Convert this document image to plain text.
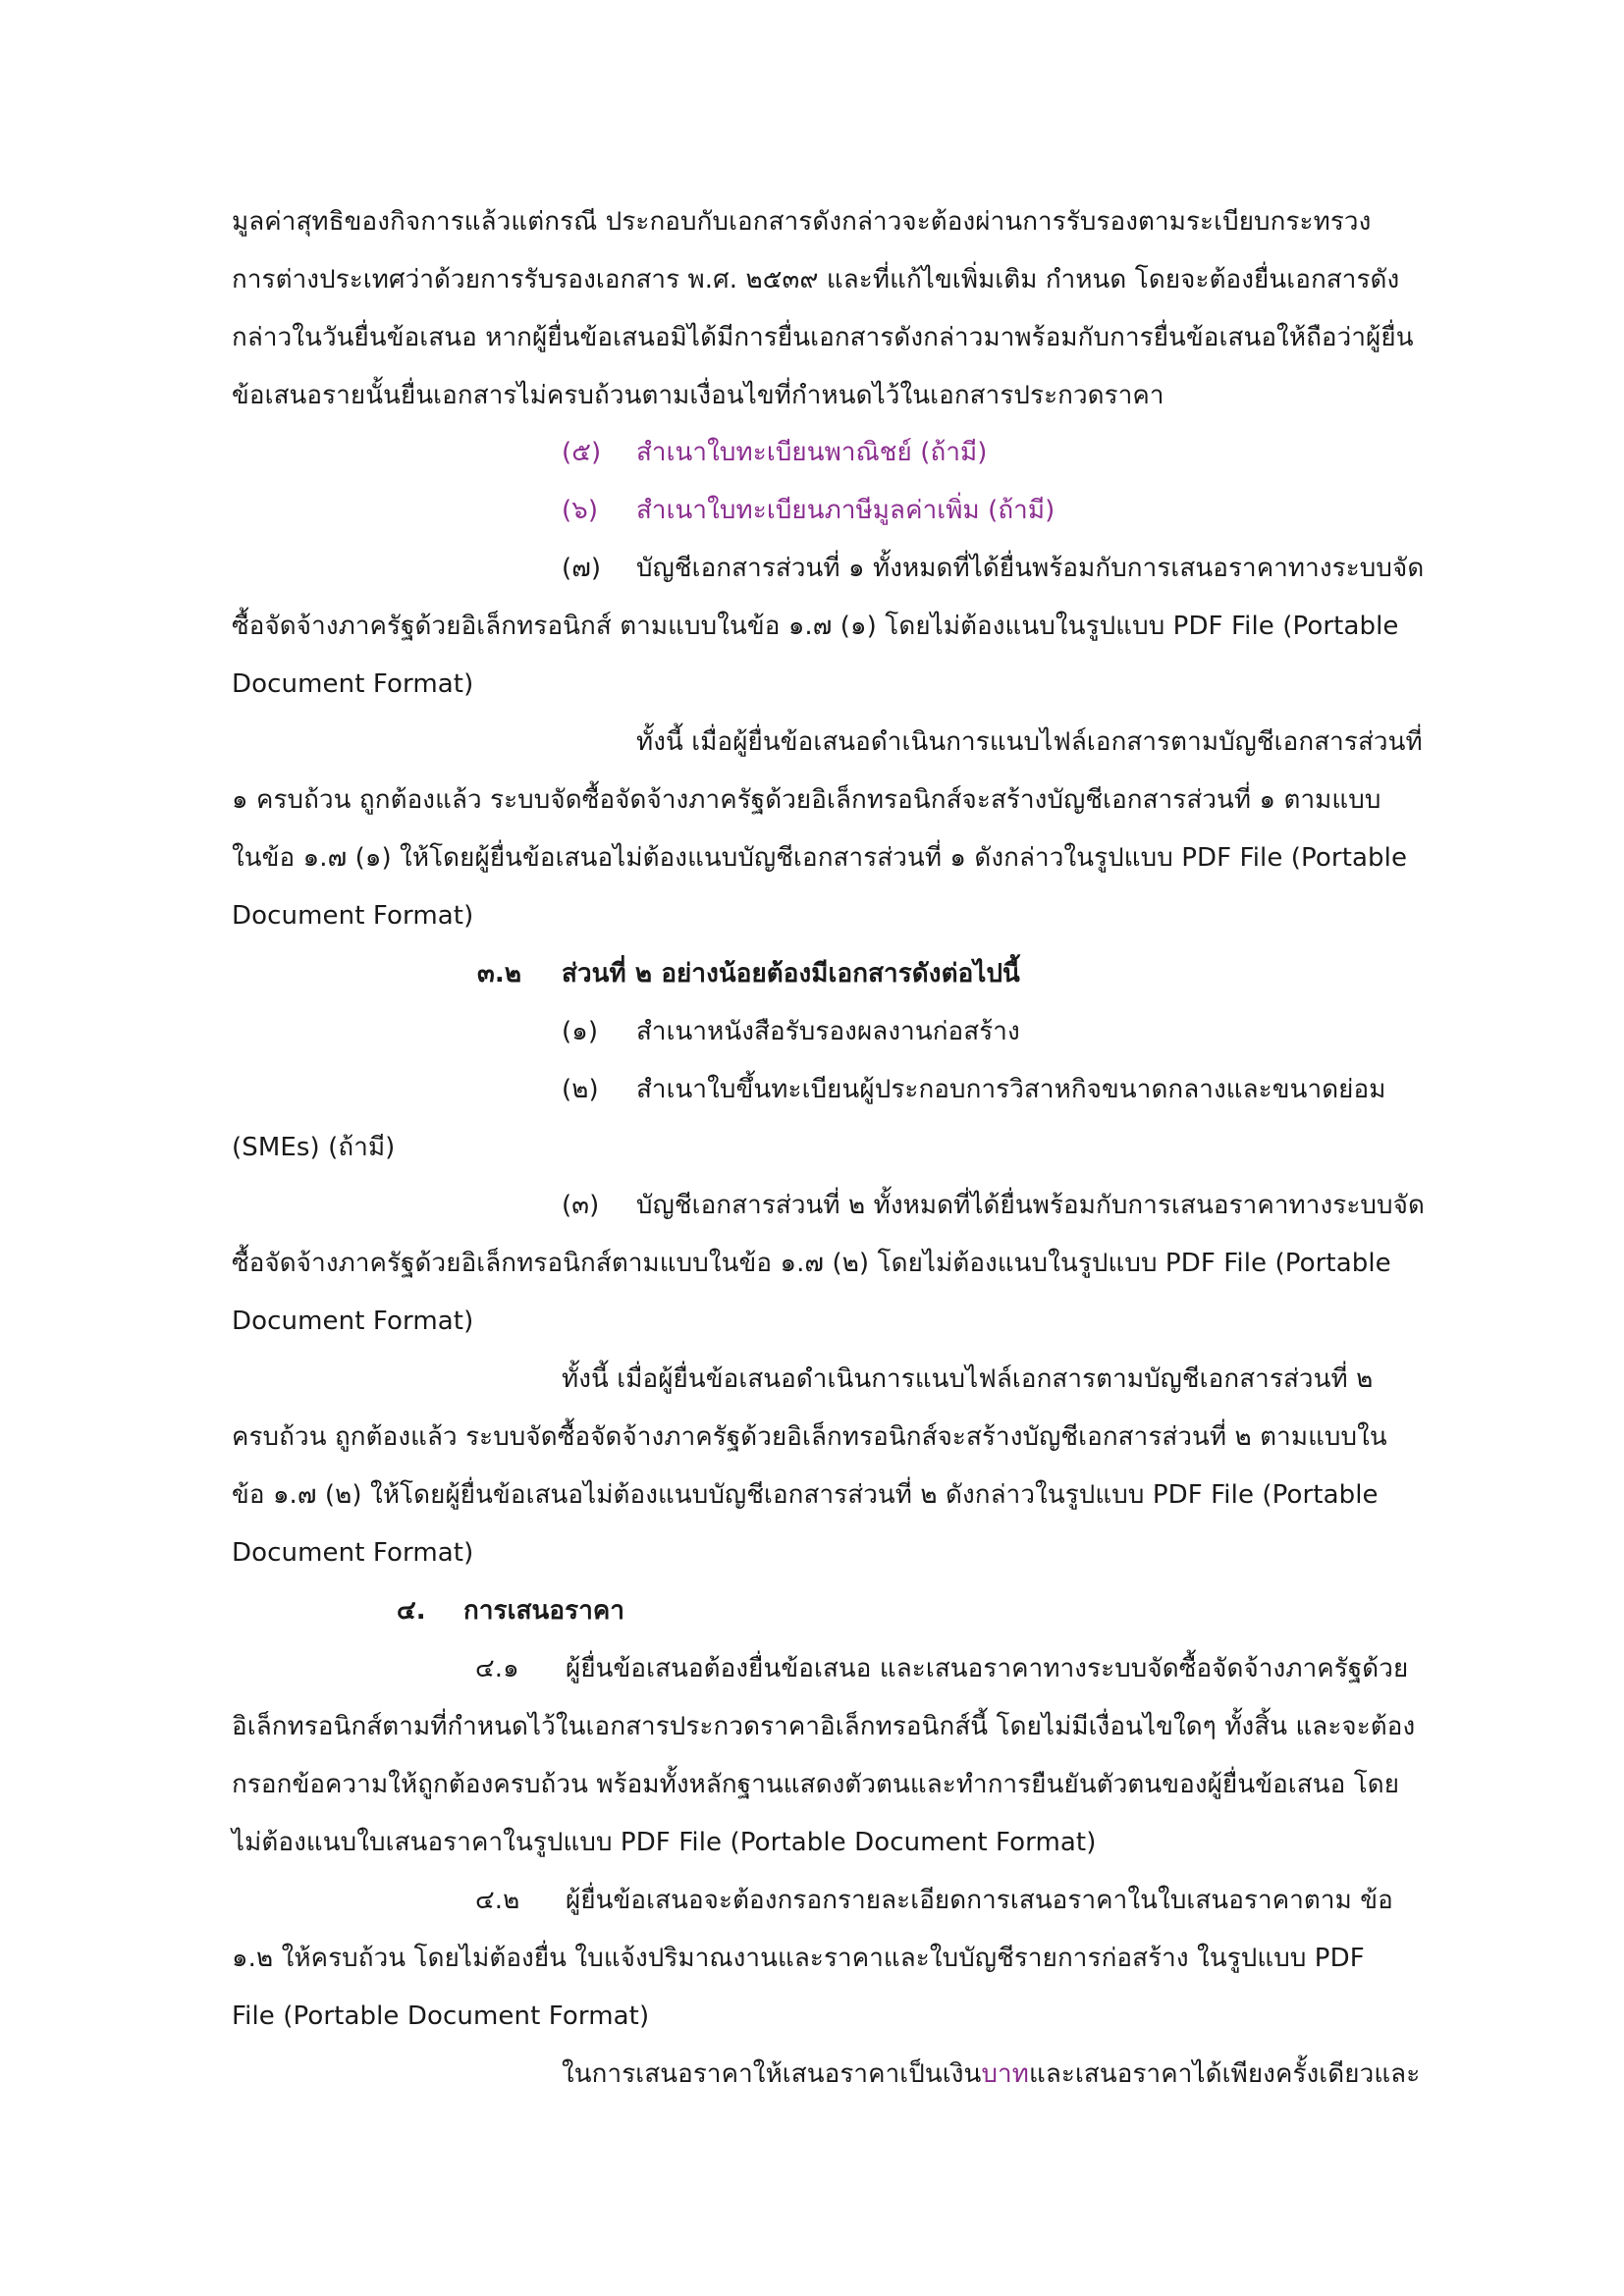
มูลค่าสุทธิของกิจการแล้วแต่กรณี ประกอบกับเอกสารดังกล่าวจะต้องผ่านการรับรองตามระเบียบกระทรวง
การต่างประเทศว่าด้วยการรับรองเอกสาร พ.ศ. ๒๕๓๙ และที่แก้ไขเพิ่มเติม กำหนด โดยจะต้องยื่นเอกสารดัง
กล่าวในวันยื่นข้อเสนอ หากผู้ยื่นข้อเสนอมิได้มีการยื่นเอกสารดังกล่าวมาพร้อมกับการยื่นข้อเสนอให้ถือว่าผู้ยื่น
ข้อเสนอรายนั้นยื่นเอกสารไม่ครบถ้วนตามเงื่อนไขที่กำหนดไว้ในเอกสารประกวดราคา
(๕) สำเนาใบทะเบียนพาณิชย์ (ถ้ามี)
(๖) สำเนาใบทะเบียนภาษีมูลค่าเพิ่ม (ถ้ามี)
(๗) บัญชีเอกสารส่วนที่ ๑ ทั้งหมดที่ได้ยื่นพร้อมกับการเสนอราคาทางระบบจัด
ซื้อจัดจ้างภาครัฐด้วยอิเล็กทรอนิกส์ ตามแบบในข้อ ๑.๗ (๑) โดยไม่ต้องแนบในรูปแบบ PDF File (Portable
Document Format)
ทั้งนี้ เมื่อผู้ยื่นข้อเสนอดำเนินการแนบไฟล์เอกสารตามบัญชีเอกสารส่วนที่
๑ ครบถ้วน ถูกต้องแล้ว ระบบจัดซื้อจัดจ้างภาครัฐด้วยอิเล็กทรอนิกส์จะสร้างบัญชีเอกสารส่วนที่ ๑ ตามแบบ
ในข้อ ๑.๗ (๑) ให้โดยผู้ยื่นข้อเสนอไม่ต้องแนบบัญชีเอกสารส่วนที่ ๑ ดังกล่าวในรูปแบบ PDF File (Portable
Document Format)
๓.๒ ส่วนที่ ๒ อย่างน้อยต้องมีเอกสารดังต่อไปนี้
(๑) สำเนาหนังสือรับรองผลงานก่อสร้าง
(๒) สำเนาใบขึ้นทะเบียนผู้ประกอบการวิสาหกิจขนาดกลางและขนาดย่อม
(SMEs) (ถ้ามี)
(๓) บัญชีเอกสารส่วนที่ ๒ ทั้งหมดที่ได้ยื่นพร้อมกับการเสนอราคาทางระบบจัด
ซื้อจัดจ้างภาครัฐด้วยอิเล็กทรอนิกส์ตามแบบในข้อ ๑.๗ (๒) โดยไม่ต้องแนบในรูปแบบ PDF File (Portable
Document Format)
ทั้งนี้ เมื่อผู้ยื่นข้อเสนอดำเนินการแนบไฟล์เอกสารตามบัญชีเอกสารส่วนที่ ๒
ครบถ้วน ถูกต้องแล้ว ระบบจัดซื้อจัดจ้างภาครัฐด้วยอิเล็กทรอนิกส์จะสร้างบัญชีเอกสารส่วนที่ ๒ ตามแบบใน
ข้อ ๑.๗ (๒) ให้โดยผู้ยื่นข้อเสนอไม่ต้องแนบบัญชีเอกสารส่วนที่ ๒ ดังกล่าวในรูปแบบ PDF File (Portable
Document Format)
๔. การเสนอราคา
๔.๑ ผู้ยื่นข้อเสนอต้องยื่นข้อเสนอ และเสนอราคาทางระบบจัดซื้อจัดจ้างภาครัฐด้วย
อิเล็กทรอนิกส์ตามที่กำหนดไว้ในเอกสารประกวดราคาอิเล็กทรอนิกส์นี้ โดยไม่มีเงื่อนไขใดๆ ทั้งสิ้น และจะต้อง
กรอกข้อความให้ถูกต้องครบถ้วน พร้อมทั้งหลักฐานแสดงตัวตนและทำการยืนยันตัวตนของผู้ยื่นข้อเสนอ โดย
ไม่ต้องแนบใบเสนอราคาในรูปแบบ PDF File (Portable Document Format)
๔.๒ ผู้ยื่นข้อเสนอจะต้องกรอกรายละเอียดการเสนอราคาในใบเสนอราคาตาม ข้อ
๑.๒ ให้ครบถ้วน โดยไม่ต้องยื่น ใบแจ้งปริมาณงานและราคาและใบบัญชีรายการก่อสร้าง ในรูปแบบ PDF
File (Portable Document Format)
ในการเสนอราคาให้เสนอราคาเป็นเงินบาทและเสนอราคาได้เพียงครั้งเดียวและ
